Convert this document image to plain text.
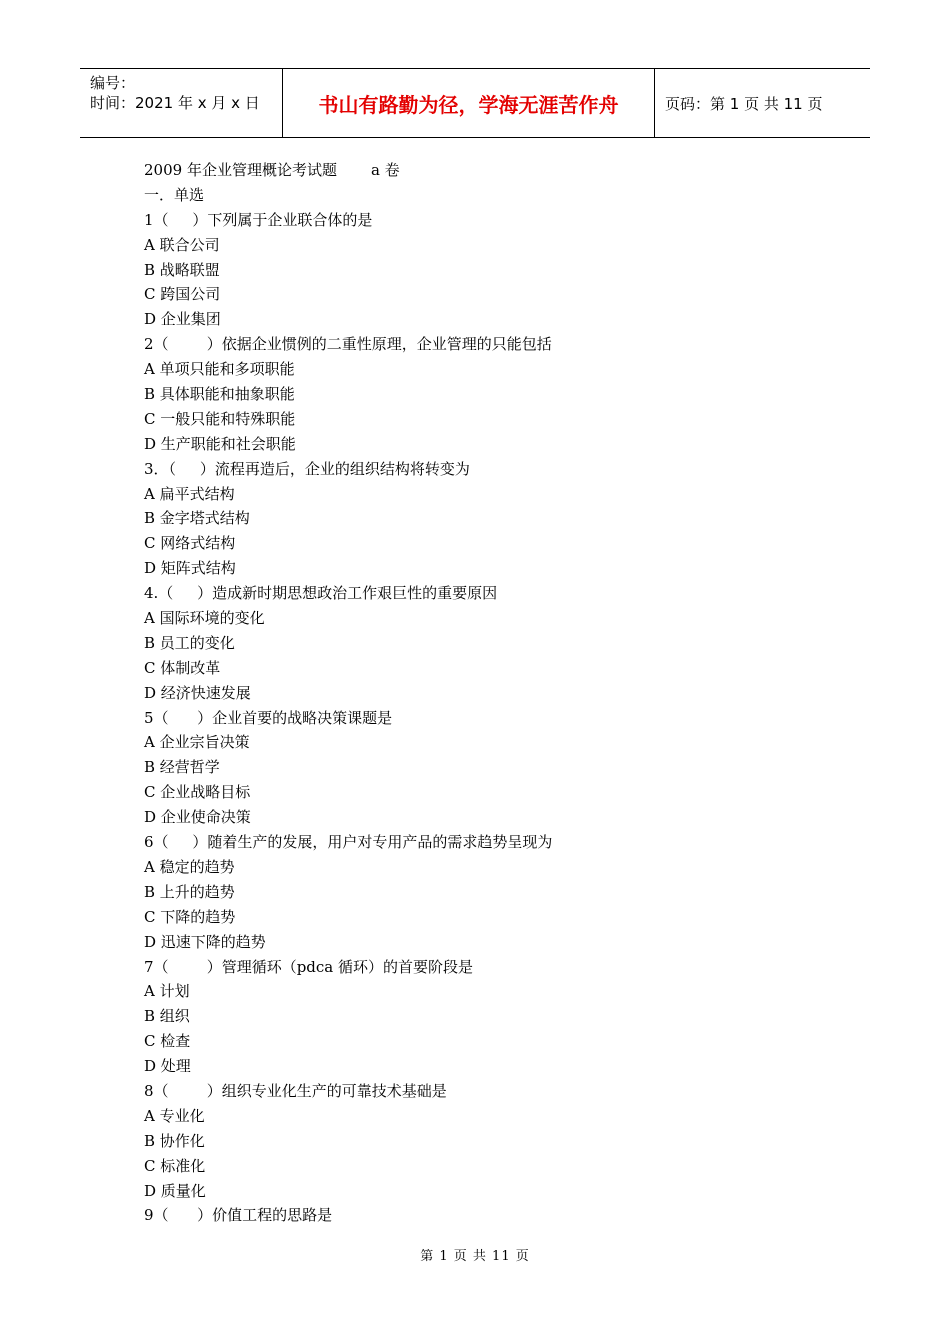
编号：
时间：2021 年 x 月 x 日	书山有路勤为径，学海无涯苦作舟	页码：第 1 页 共 11 页
2009 年企业管理概论考试题 a 卷
一．单选
1（     ）下列属于企业联合体的是
A 联合公司
B 战略联盟
C 跨国公司
D 企业集团
2（        ）依据企业惯例的二重性原理，企业管理的只能包括
A 单项只能和多项职能
B 具体职能和抽象职能
C 一般只能和特殊职能
D 生产职能和社会职能
3．（     ）流程再造后，企业的组织结构将转变为
A 扁平式结构
B 金字塔式结构
C 网络式结构
D 矩阵式结构
4.（     ）造成新时期思想政治工作艰巨性的重要原因
A 国际环境的变化
B 员工的变化
C 体制改革
D 经济快速发展
5（      ）企业首要的战略决策课题是
A 企业宗旨决策
B 经营哲学
C 企业战略目标
D 企业使命决策
6（     ）随着生产的发展，用户对专用产品的需求趋势呈现为
A 稳定的趋势
B 上升的趋势
C 下降的趋势
D 迅速下降的趋势
7（        ）管理循环（pdca 循环）的首要阶段是
A 计划
B 组织
C 检查
D 处理
8（        ）组织专业化生产的可靠技术基础是
A 专业化
B 协作化
C 标准化
D 质量化
9（      ）价值工程的思路是
第 1 页 共 11 页
